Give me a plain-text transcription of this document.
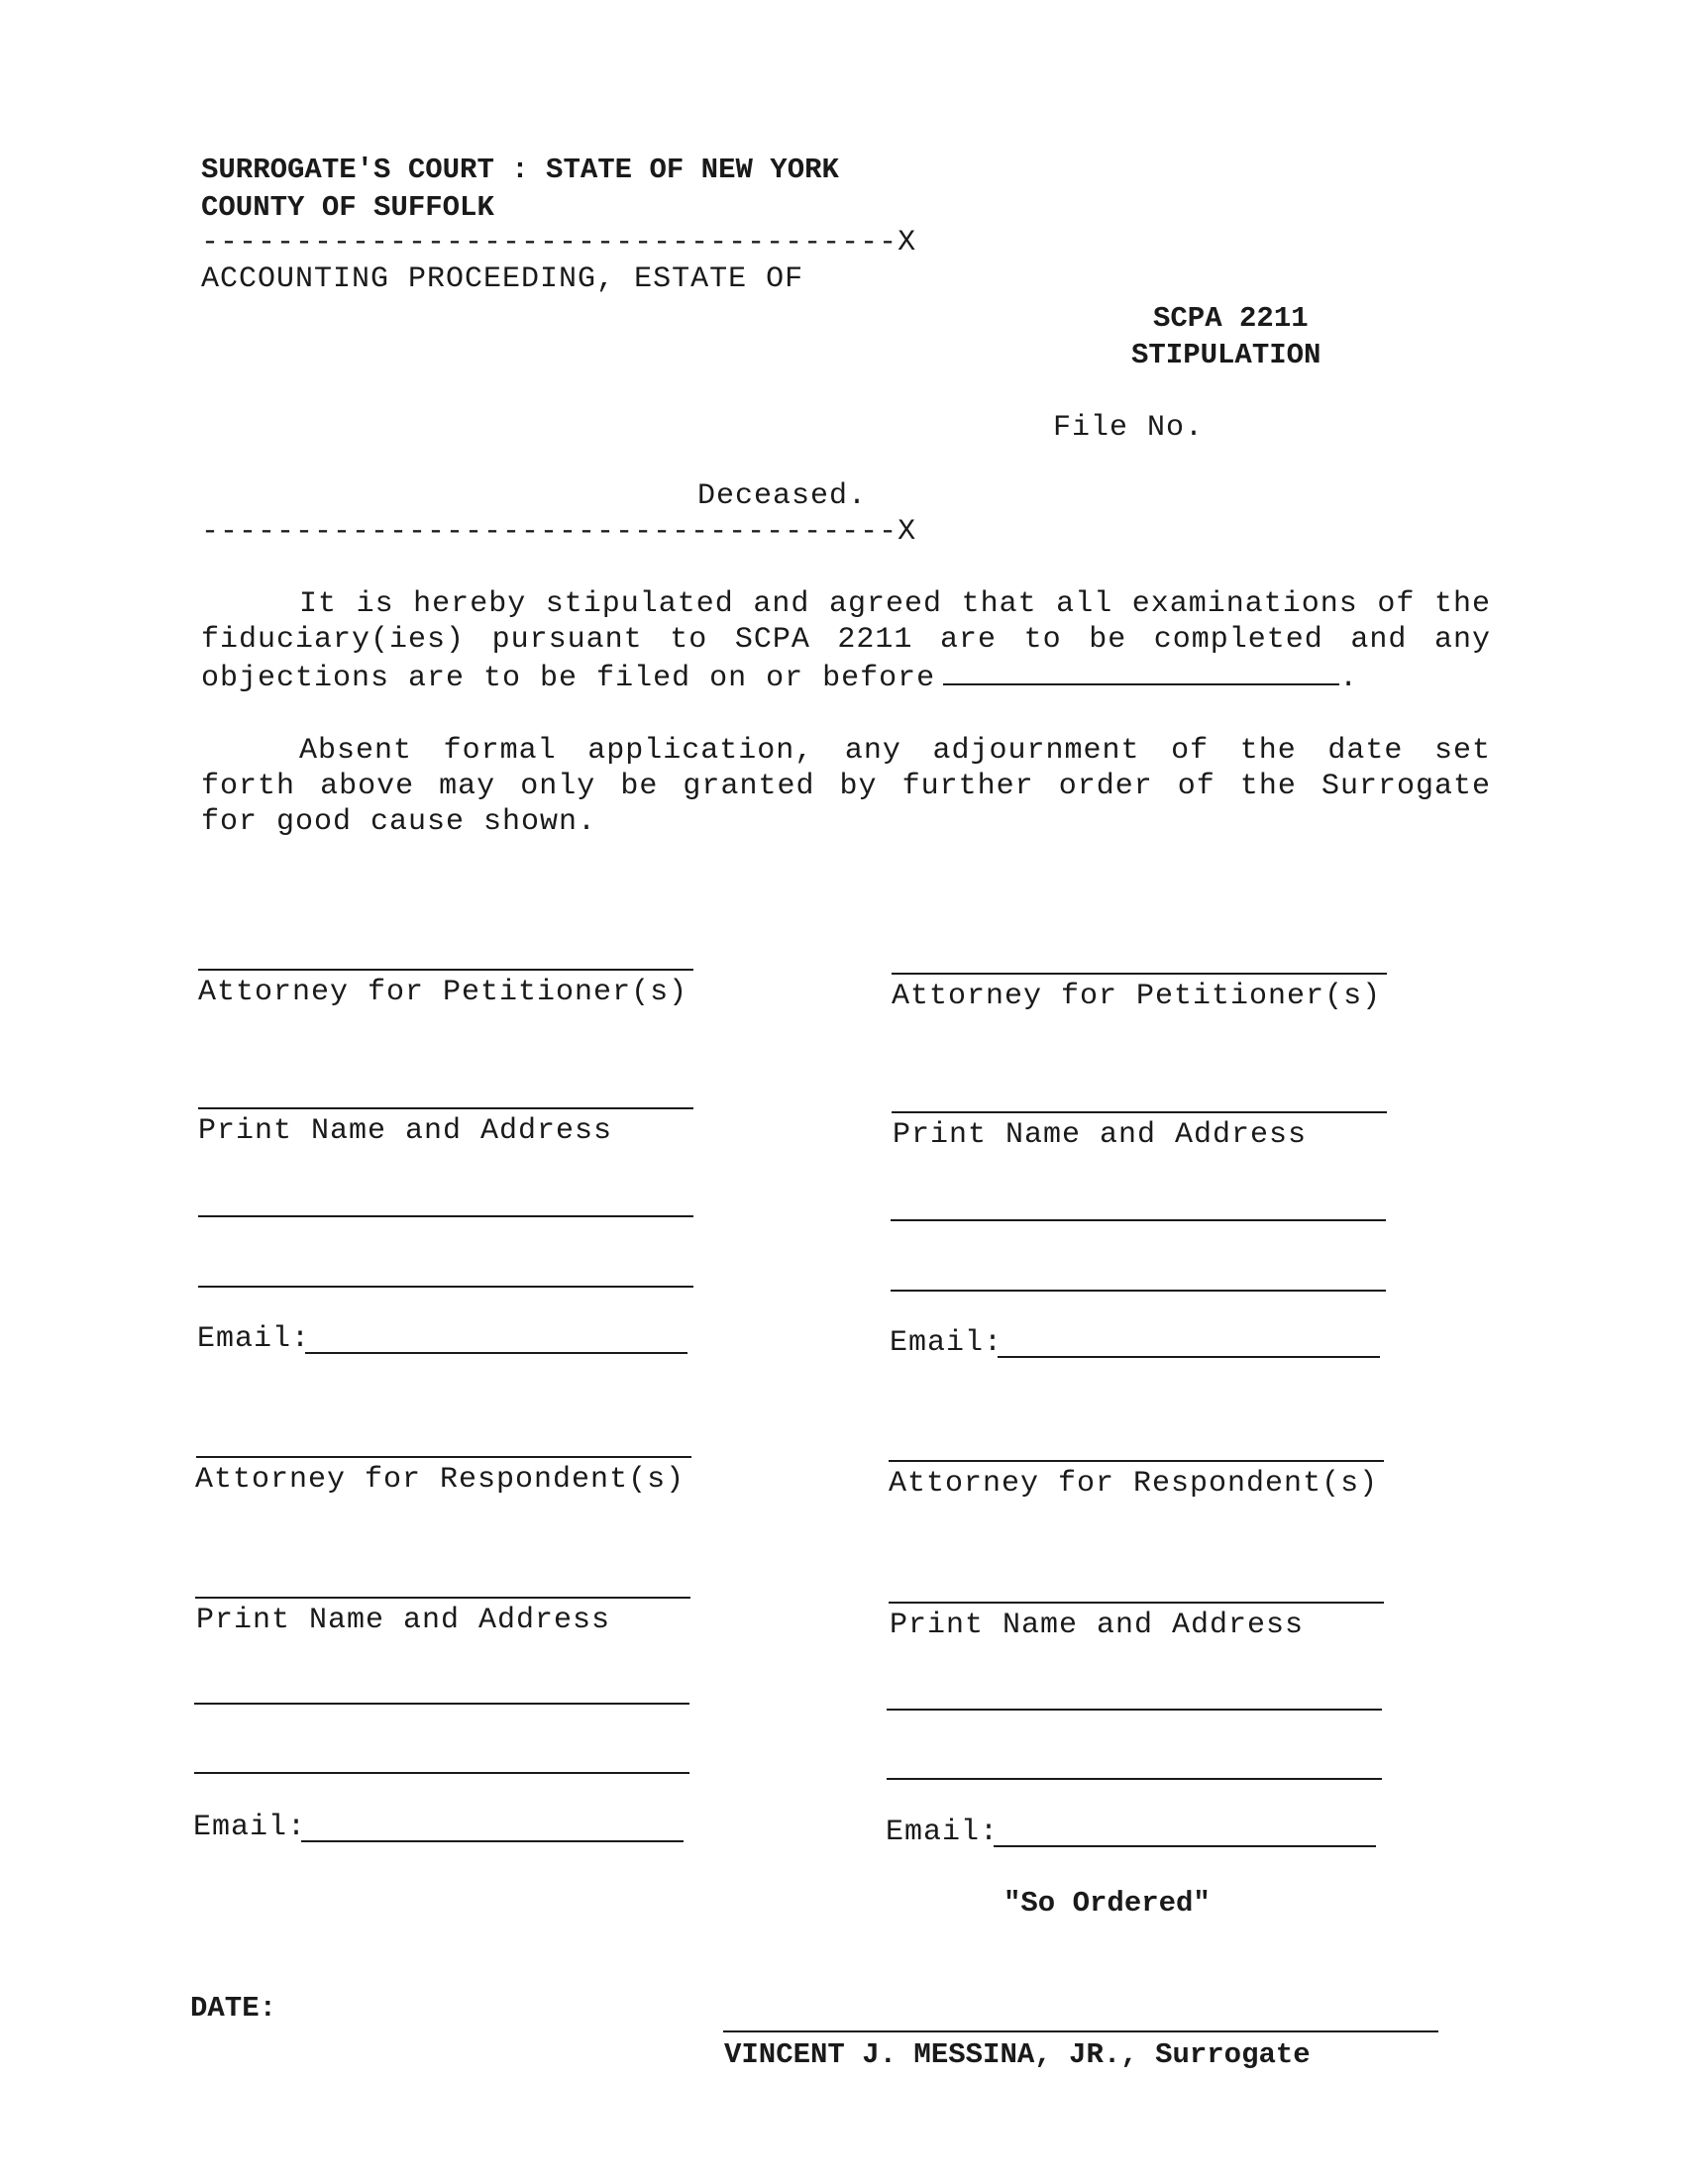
SURROGATE'S COURT : STATE OF NEW YORK
COUNTY OF SUFFOLK
-------------------------------------X
ACCOUNTING PROCEEDING, ESTATE OF
SCPA 2211
STIPULATION
File No.
Deceased.
-------------------------------------X
It is hereby stipulated and agreed that all examinations of the fiduciary(ies) pursuant to SCPA 2211 are to be completed and any objections are to be filed on or before	.
Absent formal application, any adjournment of the date set forth above may only be granted by further order of the Surrogate for good cause shown.
Attorney for Petitioner(s)
Print Name and Address
Email:
Attorney for Respondent(s)
Print Name and Address
Email:
Attorney for Petitioner(s)
Print Name and Address
Email:
Attorney for Respondent(s)
Print Name and Address
Email:
"So Ordered"
DATE:
VINCENT J. MESSINA, JR., Surrogate
